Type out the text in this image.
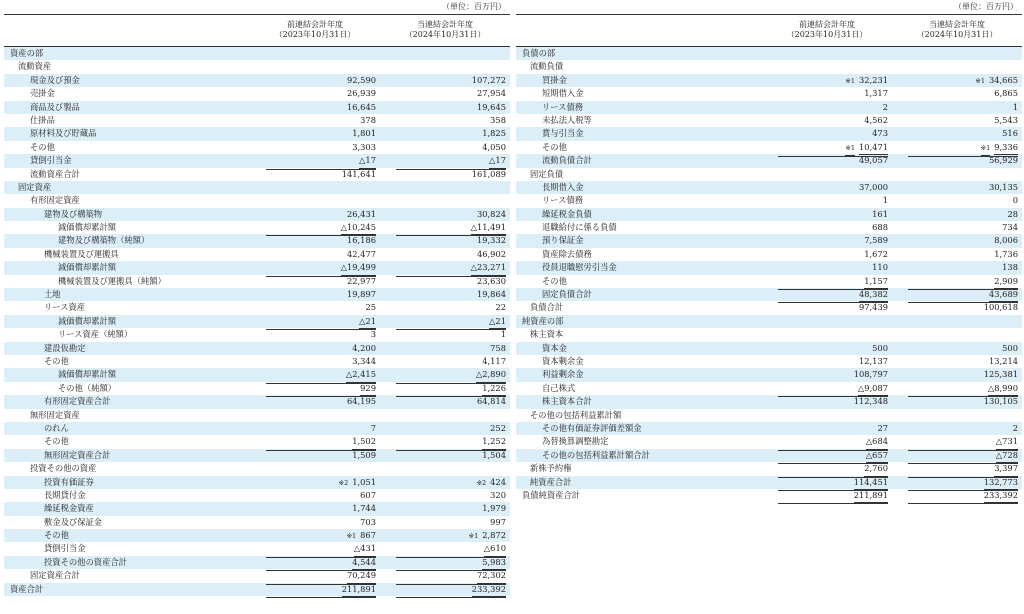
（単位：百万円）
前連結会計年度
（2023年10月31日）
当連結会計年度
（2024年10月31日）
資産の部
流動資産
現金及び預金	92,590	107,272
売掛金	26,939	27,954
商品及び製品	16,645	19,645
仕掛品	378	358
原材料及び貯蔵品	1,801	1,825
その他	3,303	4,050
貸倒引当金	△17	△17
流動資産合計	141,641	161,089
固定資産
有形固定資産
建物及び構築物	26,431	30,824
減価償却累計額	△10,245	△11,491
建物及び構築物（純額）	16,186	19,332
機械装置及び運搬具	42,477	46,902
減価償却累計額	△19,499	△23,271
機械装置及び運搬具（純額）	22,977	23,630
土地	19,897	19,864
リース資産	25	22
減価償却累計額	△21	△21
リース資産（純額）	3	1
建設仮勘定	4,200	758
その他	3,344	4,117
減価償却累計額	△2,415	△2,890
その他（純額）	929	1,226
有形固定資産合計	64,195	64,814
無形固定資産
のれん	7	252
その他	1,502	1,252
無形固定資産合計	1,509	1,504
投資その他の資産
投資有価証券	※2 1,051	※2 424
長期貸付金	607	320
繰延税金資産	1,744	1,979
敷金及び保証金	703	997
その他	※1 867	※1 2,872
貸倒引当金	△431	△610
投資その他の資産合計	4,544	5,983
固定資産合計	70,249	72,302
資産合計	211,891	233,392
（単位：百万円）
前連結会計年度
（2023年10月31日）
当連結会計年度
（2024年10月31日）
負債の部
流動負債
買掛金	※1 32,231	※1 34,665
短期借入金	1,317	6,865
リース債務	2	1
未払法人税等	4,562	5,543
賞与引当金	473	516
その他	※1 10,471	※1 9,336
流動負債合計	49,057	56,929
固定負債
長期借入金	37,000	30,135
リース債務	1	0
繰延税金負債	161	28
退職給付に係る負債	688	734
預り保証金	7,589	8,006
資産除去債務	1,672	1,736
役員退職慰労引当金	110	138
その他	1,157	2,909
固定負債合計	48,382	43,689
負債合計	97,439	100,618
純資産の部
株主資本
資本金	500	500
資本剰余金	12,137	13,214
利益剰余金	108,797	125,381
自己株式	△9,087	△8,990
株主資本合計	112,348	130,105
その他の包括利益累計額
その他有価証券評価差額金	27	2
為替換算調整勘定	△684	△731
その他の包括利益累計額合計	△657	△728
新株予約権	2,760	3,397
純資産合計	114,451	132,773
負債純資産合計	211,891	233,392
